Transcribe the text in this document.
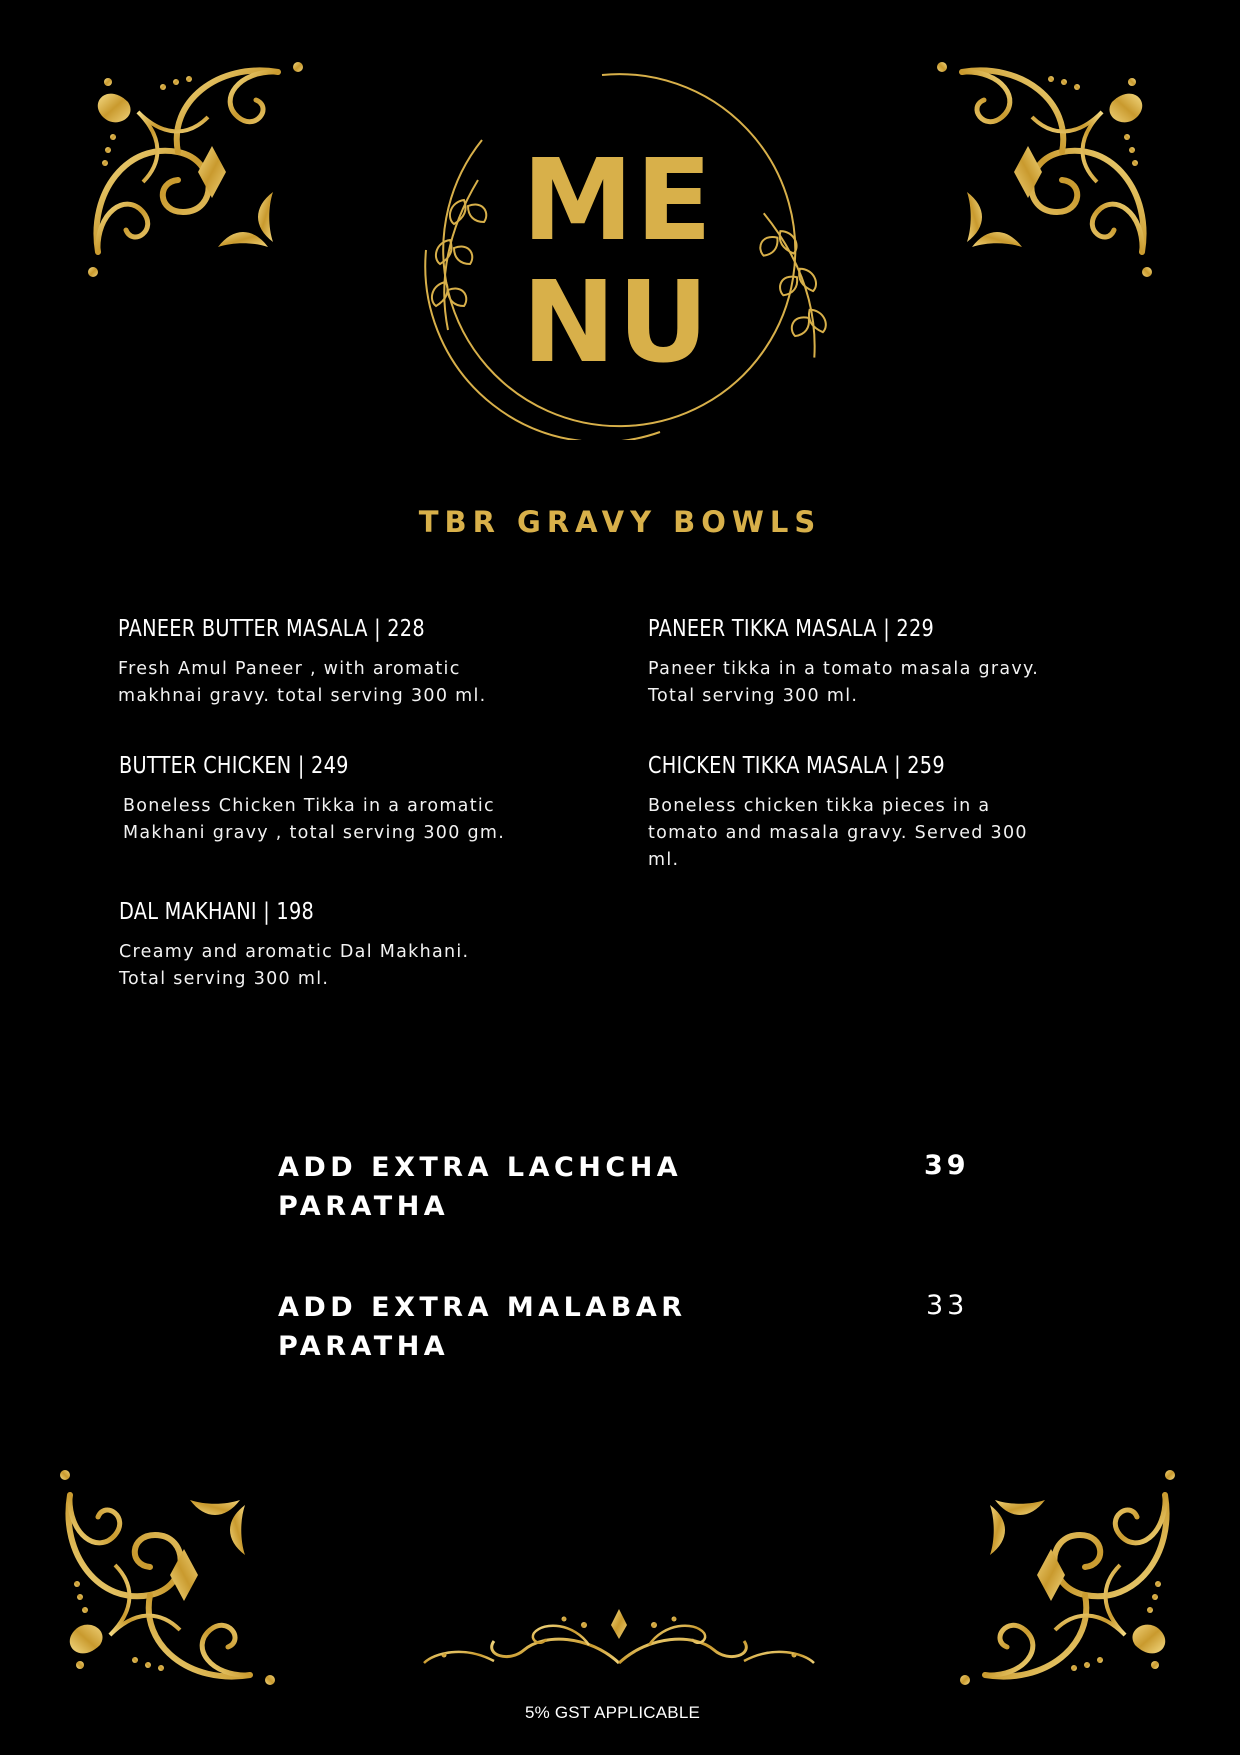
ME
NU
TBR GRAVY BOWLS
PANEER BUTTER MASALA | 228
Fresh Amul Paneer , with aromatic
makhnai gravy. total serving 300 ml.
PANEER TIKKA MASALA | 229
Paneer tikka in a tomato masala gravy.
Total serving 300 ml.
BUTTER CHICKEN | 249
Boneless Chicken Tikka in a aromatic
Makhani gravy , total serving 300 gm.
CHICKEN TIKKA MASALA | 259
Boneless chicken tikka pieces in a
tomato and masala gravy. Served 300
ml.
DAL MAKHANI | 198
Creamy and aromatic Dal Makhani.
Total serving 300 ml.
ADD EXTRA LACHCHA
PARATHA
39
ADD EXTRA MALABAR
PARATHA
33
5% GST APPLICABLE
